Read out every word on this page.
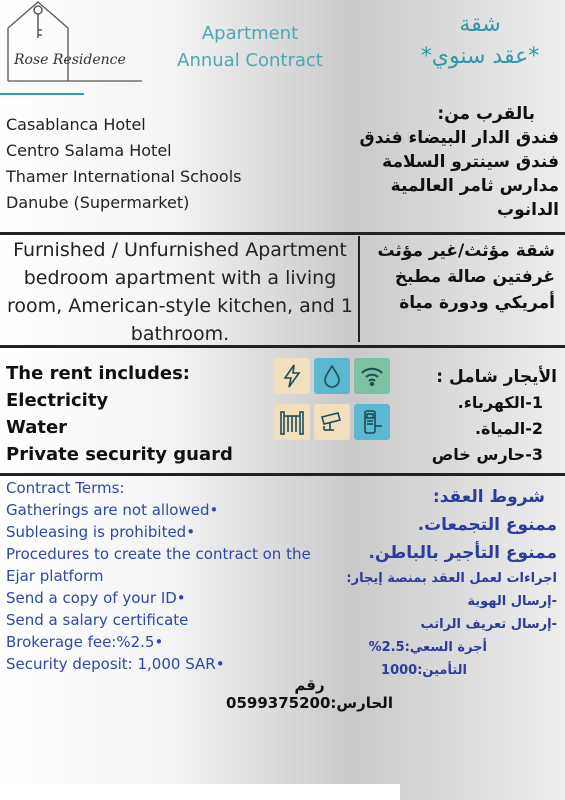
Rose Residence
Apartment
Annual Contract
شقة
*عقد سنوي*
Casablanca Hotel
Centro Salama Hotel
Thamer International Schools
Danube (Supermarket)
بالقرب من:
فندق الدار البيضاء فندق
فندق سينترو السلامة
مدارس ثامر العالمية
الدانوب
Furnished / Unfurnished Apartment
bedroom apartment with a living
room, American-style kitchen, and 1
bathroom.
شقة مؤثث/غير مؤثث
غرفتين صالة مطبخ
أمريكي ودورة مياة
The rent includes:
Electricity
Water
Private security guard
الأيجار شامل :
1-الكهرباء.
2-المياة.
3-حارس خاص
Contract Terms:
Gatherings are not allowed•
Subleasing is prohibited•
Procedures to create the contract on the
Ejar platform
Send a copy of your ID•
Send a salary certificate
Brokerage fee:%2.5•
Security deposit: 1,000 SAR•
شروط العقد:
ممنوع التجمعات.
ممنوع التأجير بالباطن.
اجراءات لعمل العقد بمنصة إيجار:
-إرسال الهوية
-إرسال تعريف الراتب
أجرة السعي:2.5%
التأمين:1000
رقم الحارس:0599375200
